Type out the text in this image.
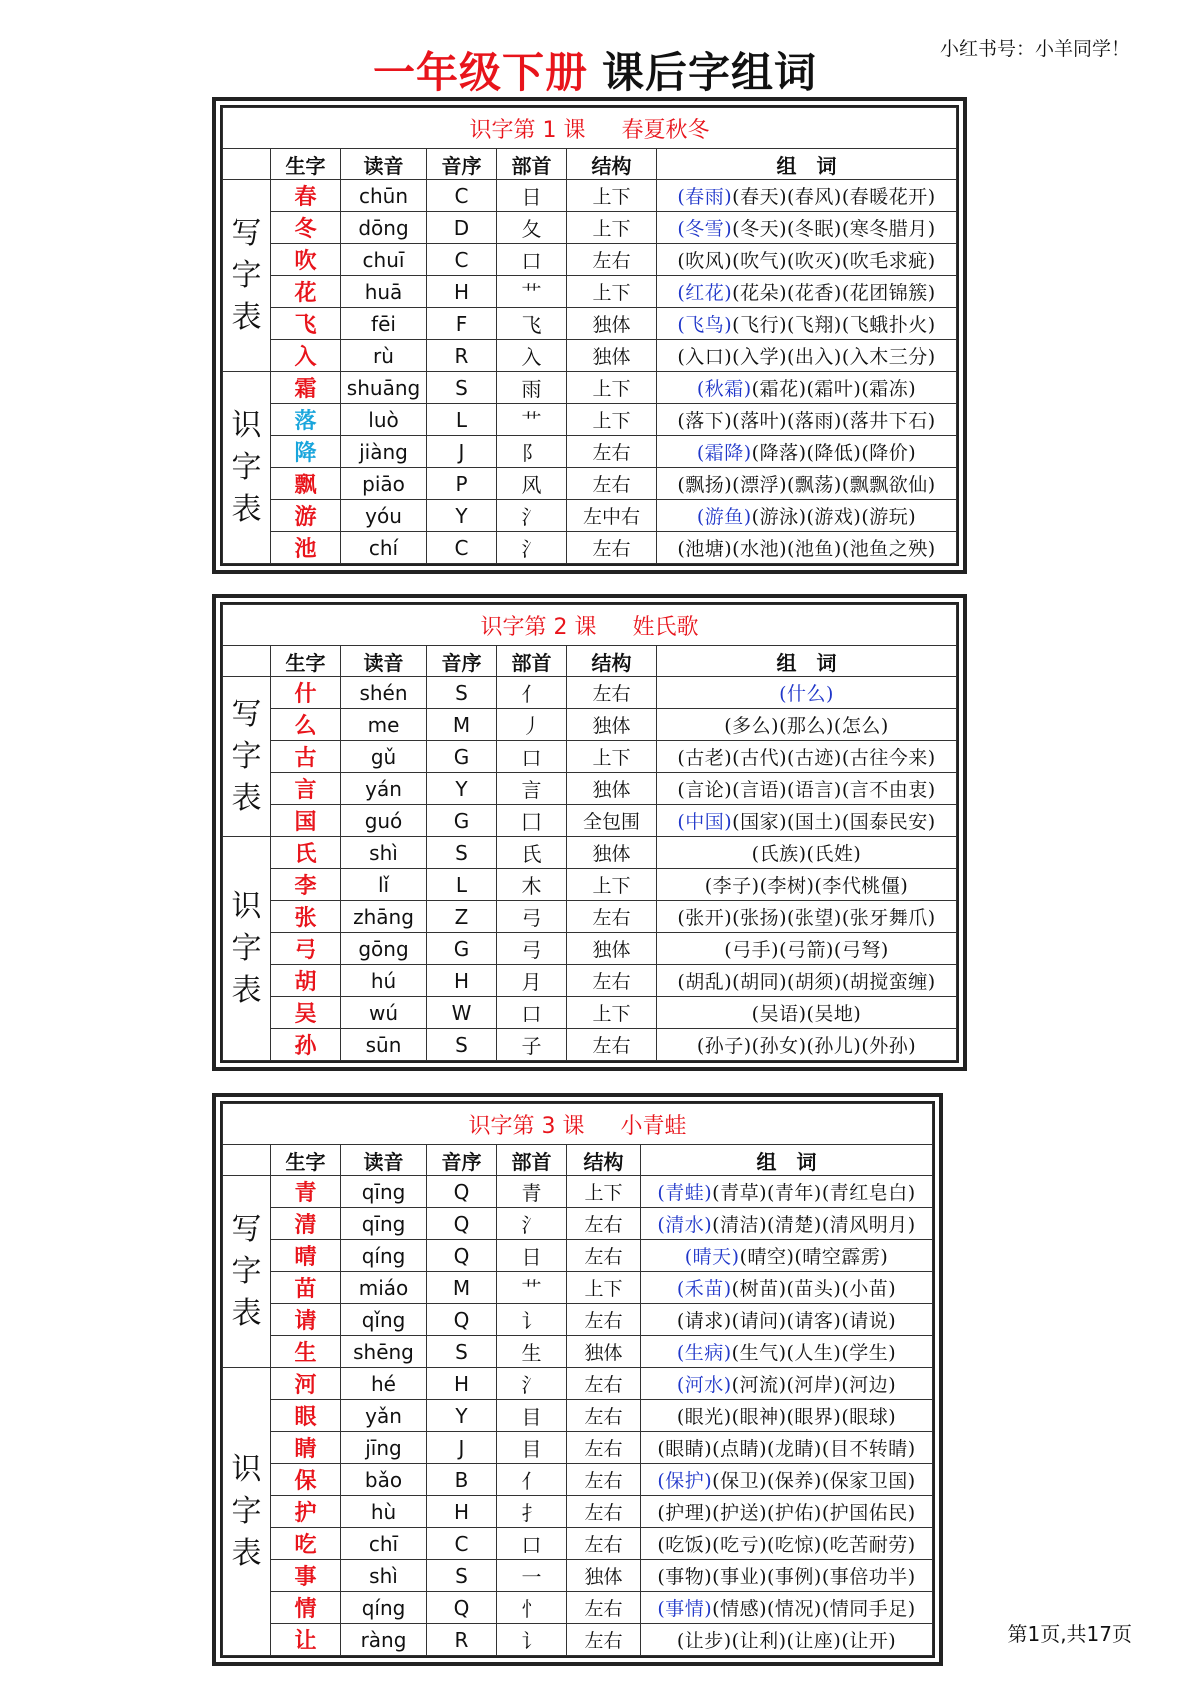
一年级下册 课后字组词	小红书号：小羊同学！
识字第 1 课 春夏秋冬						
	生字	读音	音序	部首	结构	组　词

写
字
表	春	chūn	C	日	上下	(春雨)(春天)(春风)(春暖花开)
	冬	dōng	D	夂	上下	(冬雪)(冬天)(冬眠)(寒冬腊月)
	吹	chuī	C	口	左右	(吹风)(吹气)(吹灭)(吹毛求疵)
	花	huā	H	艹	上下	(红花)(花朵)(花香)(花团锦簇)
	飞	fēi	F	飞	独体	(飞鸟)(飞行)(飞翔)(飞蛾扑火)
	入	rù	R	入	独体	(入口)(入学)(出入)(入木三分)

识
字
表	霜	shuāng	S	雨	上下	(秋霜)(霜花)(霜叶)(霜冻)
	落	luò	L	艹	上下	(落下)(落叶)(落雨)(落井下石)
	降	jiàng	J	阝	左右	(霜降)(降落)(降低)(降价)
	飘	piāo	P	风	左右	(飘扬)(漂浮)(飘荡)(飘飘欲仙)
	游	yóu	Y	氵	左中右	(游鱼)(游泳)(游戏)(游玩)
	池	chí	C	氵	左右	(池塘)(水池)(池鱼)(池鱼之殃)
识字第 2 课 姓氏歌						
	生字	读音	音序	部首	结构	组　词

写
字
表	什	shén	S	亻	左右	(什么)
	么	me	M	丿	独体	(多么)(那么)(怎么)
	古	gǔ	G	口	上下	(古老)(古代)(古迹)(古往今来)
	言	yán	Y	言	独体	(言论)(言语)(语言)(言不由衷)
	国	guó	G	囗	全包围	(中国)(国家)(国土)(国泰民安)

识
字
表	氏	shì	S	氏	独体	(氏族)(氏姓)
	李	lǐ	L	木	上下	(李子)(李树)(李代桃僵)
	张	zhāng	Z	弓	左右	(张开)(张扬)(张望)(张牙舞爪)
	弓	gōng	G	弓	独体	(弓手)(弓箭)(弓弩)
	胡	hú	H	月	左右	(胡乱)(胡同)(胡须)(胡搅蛮缠)
	吴	wú	W	口	上下	(吴语)(吴地)
	孙	sūn	S	子	左右	(孙子)(孙女)(孙儿)(外孙)
识字第 3 课 小青蛙						
	生字	读音	音序	部首	结构	组　词

写
字
表	青	qīng	Q	青	上下	(青蛙)(青草)(青年)(青红皂白)
	清	qīng	Q	氵	左右	(清水)(清洁)(清楚)(清风明月)
	晴	qíng	Q	日	左右	(晴天)(晴空)(晴空霹雳)
	苗	miáo	M	艹	上下	(禾苗)(树苗)(苗头)(小苗)
	请	qǐng	Q	讠	左右	(请求)(请问)(请客)(请说)
	生	shēng	S	生	独体	(生病)(生气)(人生)(学生)

识
字
表	河	hé	H	氵	左右	(河水)(河流)(河岸)(河边)
	眼	yǎn	Y	目	左右	(眼光)(眼神)(眼界)(眼球)
	睛	jīng	J	目	左右	(眼睛)(点睛)(龙睛)(目不转睛)
	保	bǎo	B	亻	左右	(保护)(保卫)(保养)(保家卫国)
	护	hù	H	扌	左右	(护理)(护送)(护佑)(护国佑民)
	吃	chī	C	口	左右	(吃饭)(吃亏)(吃惊)(吃苦耐劳)
	事	shì	S	一	独体	(事物)(事业)(事例)(事倍功半)
	情	qíng	Q	忄	左右	(事情)(情感)(情况)(情同手足)
	让	ràng	R	讠	左右	(让步)(让利)(让座)(让开)	第1页,共17页
